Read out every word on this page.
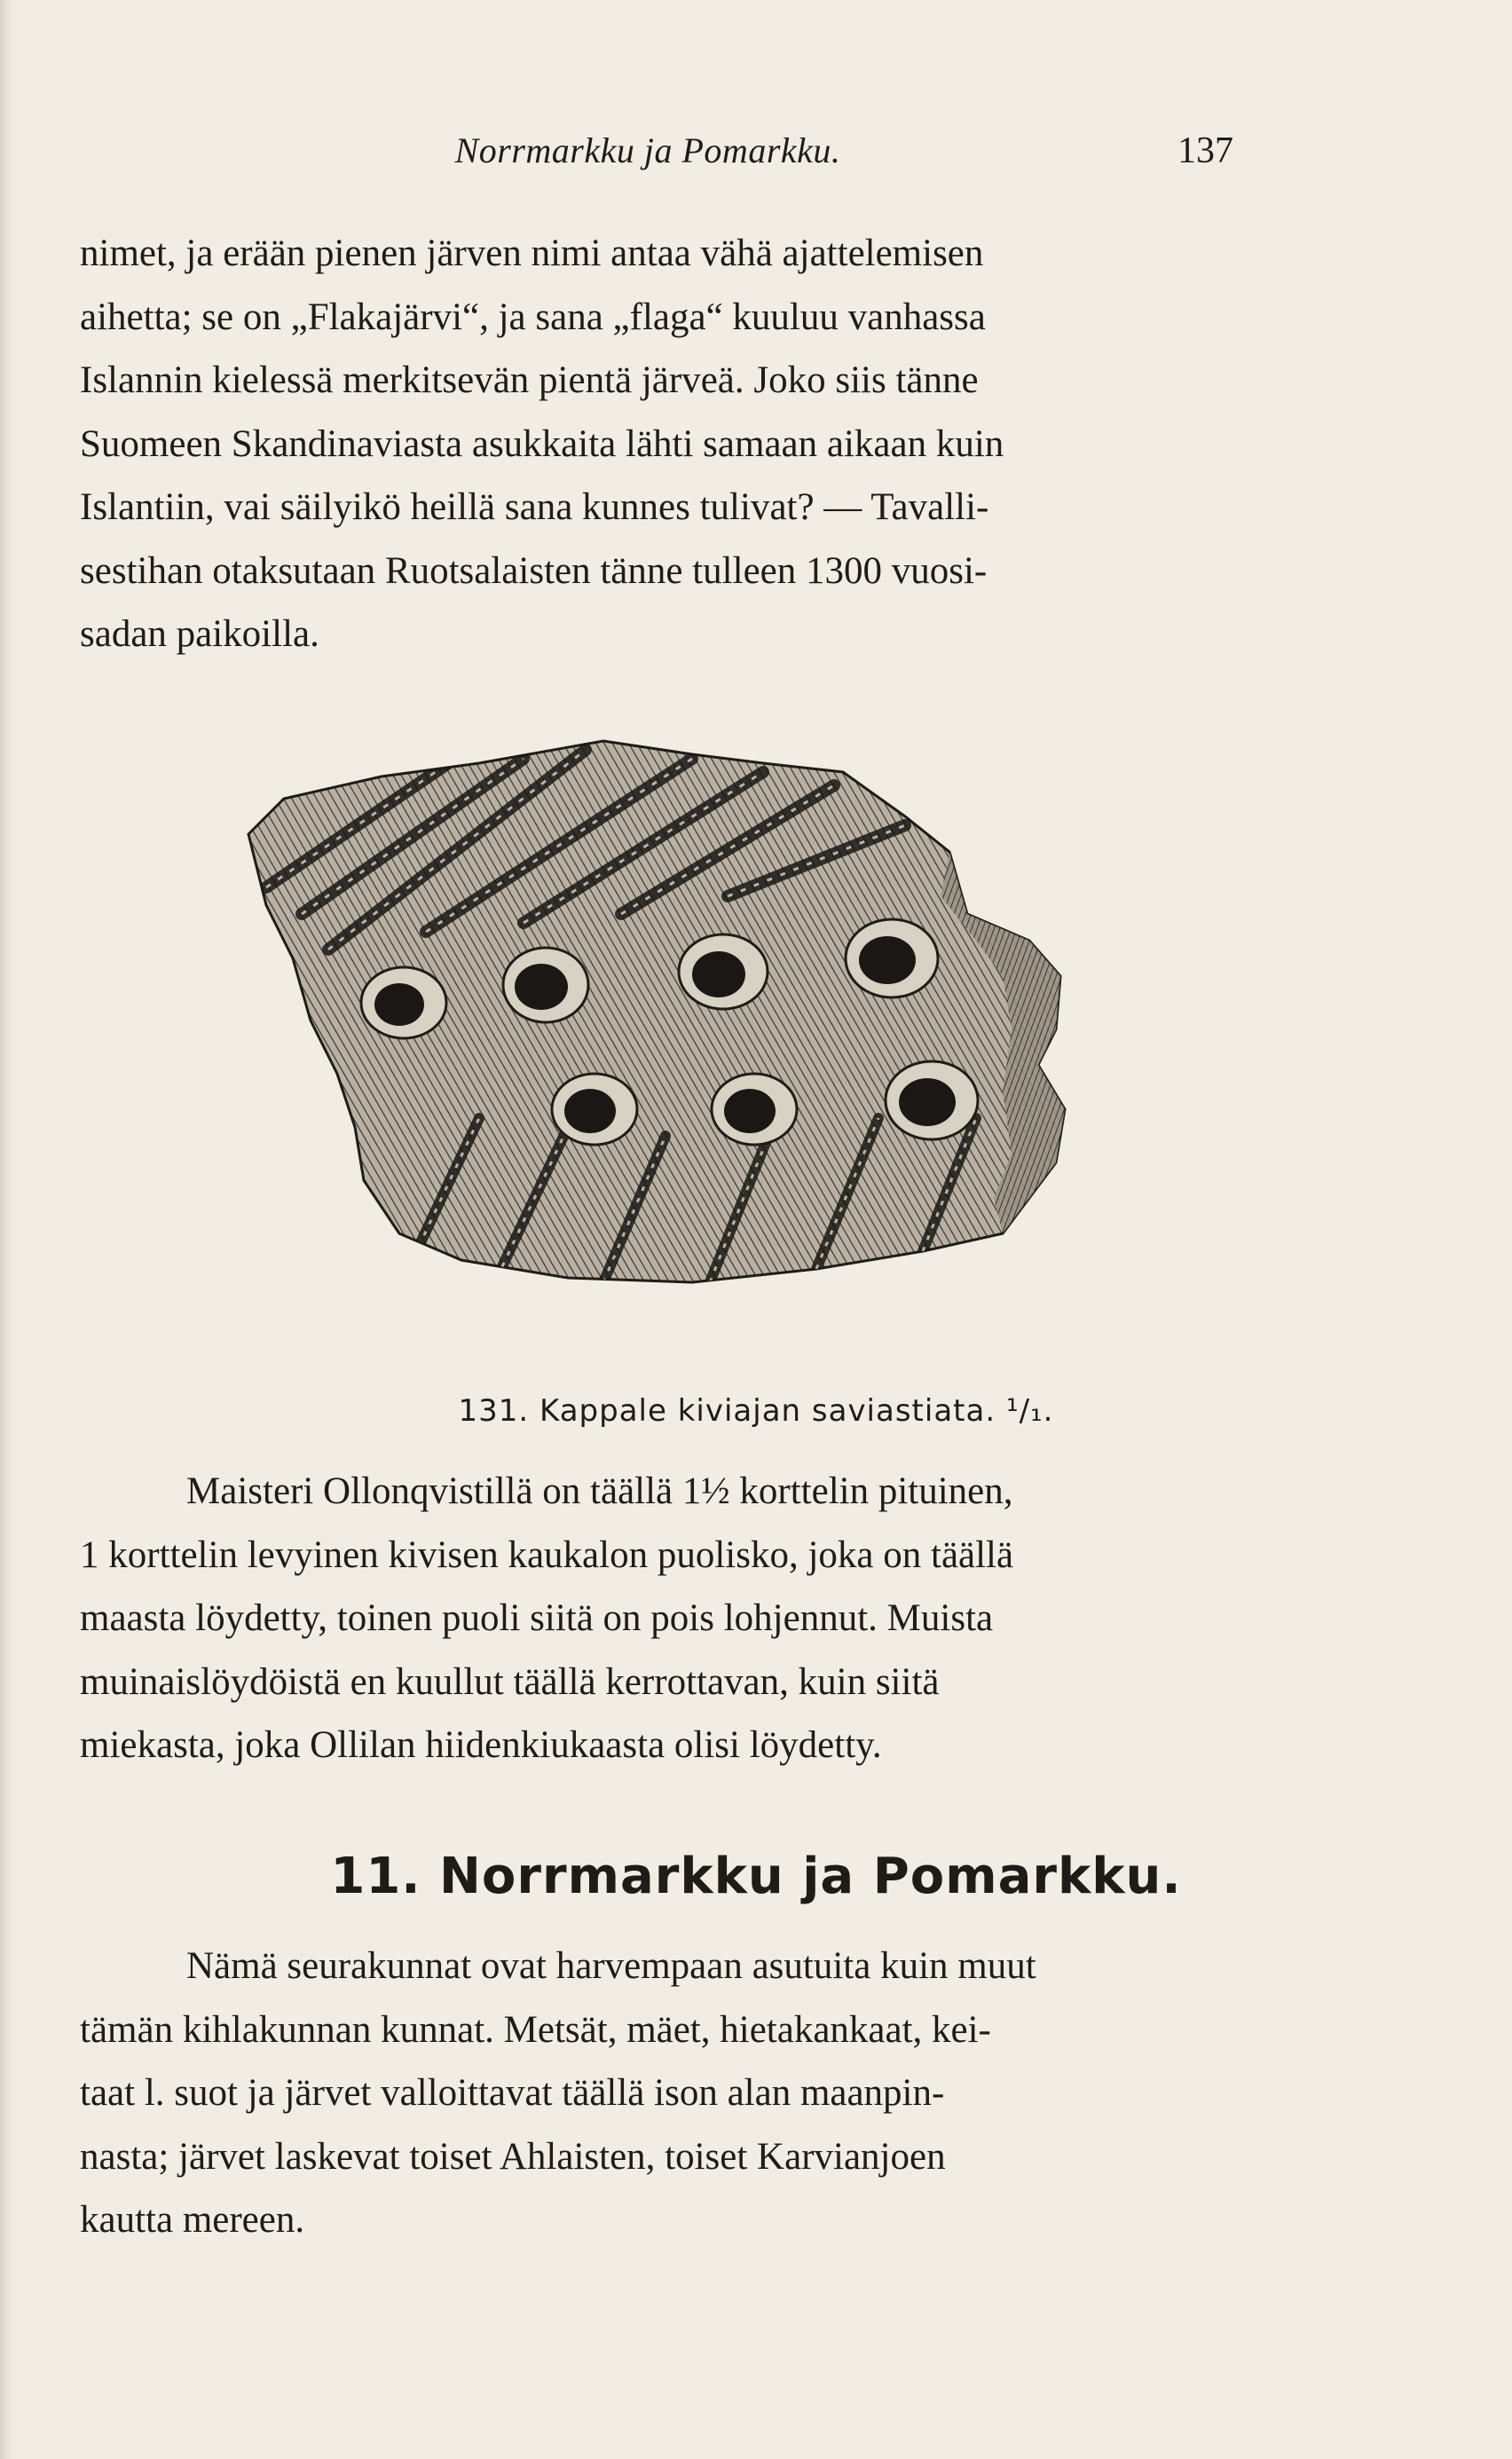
Norrmarkku ja Pomarkku.	137
nimet, ja erään pienen järven nimi antaa vähä ajattelemisen
aihetta; se on „Flakajärvi“, ja sana „flaga“ kuuluu vanhassa
Islannin kielessä merkitsevän pientä järveä. Joko siis tänne
Suomeen Skandinaviasta asukkaita lähti samaan aikaan kuin
Islantiin, vai säilyikö heillä sana kunnes tulivat? — Tavalli-
sestihan otaksutaan Ruotsalaisten tänne tulleen 1300 vuosi-
sadan paikoilla.
131. Kappale kiviajan saviastiata. ¹/₁.
Maisteri Ollonqvistillä on täällä 1½ korttelin pituinen,
1 korttelin levyinen kivisen kaukalon puolisko, joka on täällä
maasta löydetty, toinen puoli siitä on pois lohjennut. Muista
muinaislöydöistä en kuullut täällä kerrottavan, kuin siitä
miekasta, joka Ollilan hiidenkiukaasta olisi löydetty.
11. Norrmarkku ja Pomarkku.
Nämä seurakunnat ovat harvempaan asutuita kuin muut
tämän kihlakunnan kunnat. Metsät, mäet, hietakankaat, kei-
taat l. suot ja järvet valloittavat täällä ison alan maanpin-
nasta; järvet laskevat toiset Ahlaisten, toiset Karvianjoen
kautta mereen.
